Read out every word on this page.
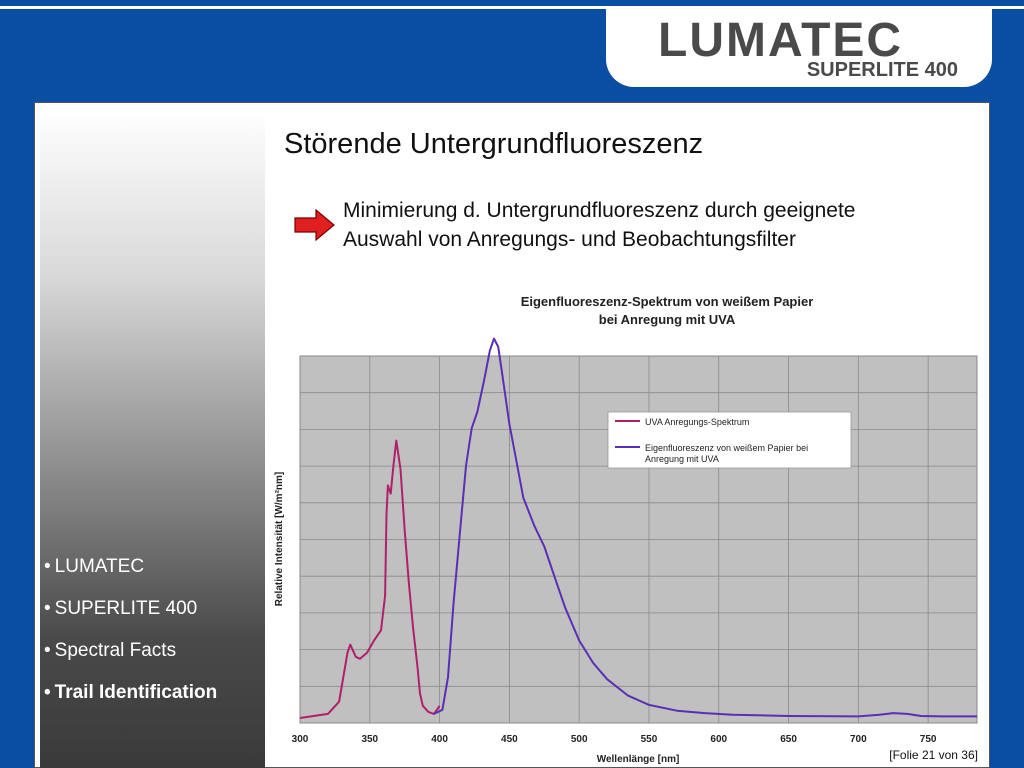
LUMATEC
SUPERLITE 400
• LUMATEC
• SUPERLITE 400
• Spectral Facts
• Trail Identification
Störende Untergrundfluoreszenz
Minimierung d. Untergrundfluoreszenz durch geeignete
Auswahl von Anregungs- und Beobachtungsfilter
Eigenfluoreszenz-Spektrum von weißem Papier
bei Anregung mit UVA
300	350	400	450	500	550	600	650	700	750
Wellenlänge [nm]
Relative Intensität [W/m²nm]
UVA Anregungs-Spektrum
Eigenfluoreszenz von weißem Papier bei Anregung mit UVA
[Folie 21 von 36]
